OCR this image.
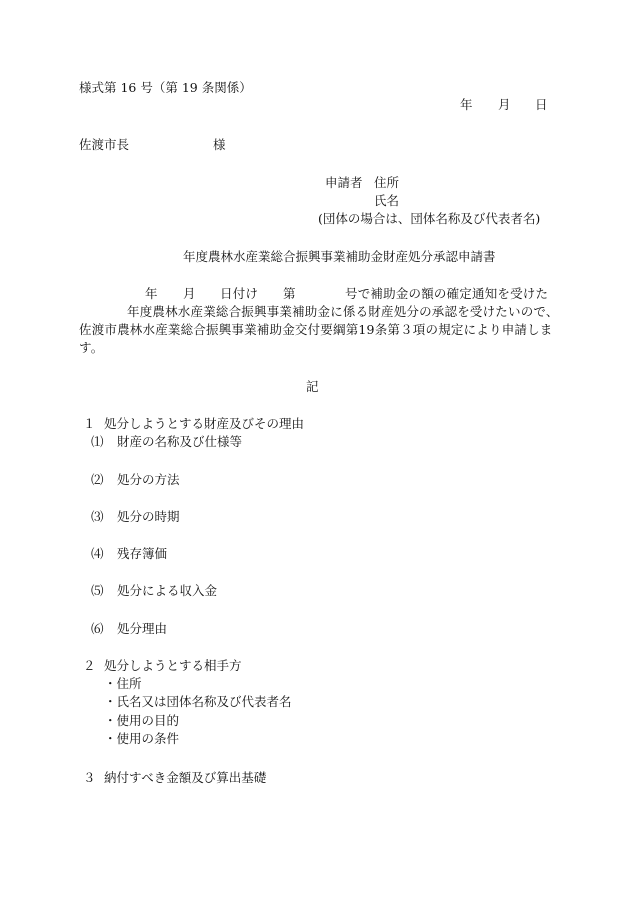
様式第 16 号（第 19 条関係）
年 月 日
佐渡市長	様
申請者 住所
氏名
(団体の場合は、団体名称及び代表者名)
年度農林水産業総合振興事業補助金財産処分承認申請書
年 月 日付け 第	号で補助金の額の確定通知を受けた
年度農林水産業総合振興事業補助金に係る財産処分の承認を受けたいので、
佐渡市農林水産業総合振興事業補助金交付要綱第19条第３項の規定により申請しま
す。
記
１ 処分しようとする財産及びその理由
⑴ 財産の名称及び仕様等
⑵ 処分の方法
⑶ 処分の時期
⑷ 残存簿価
⑸ 処分による収入金
⑹ 処分理由
２ 処分しようとする相手方
・住所
・氏名又は団体名称及び代表者名
・使用の目的
・使用の条件
３ 納付すべき金額及び算出基礎
